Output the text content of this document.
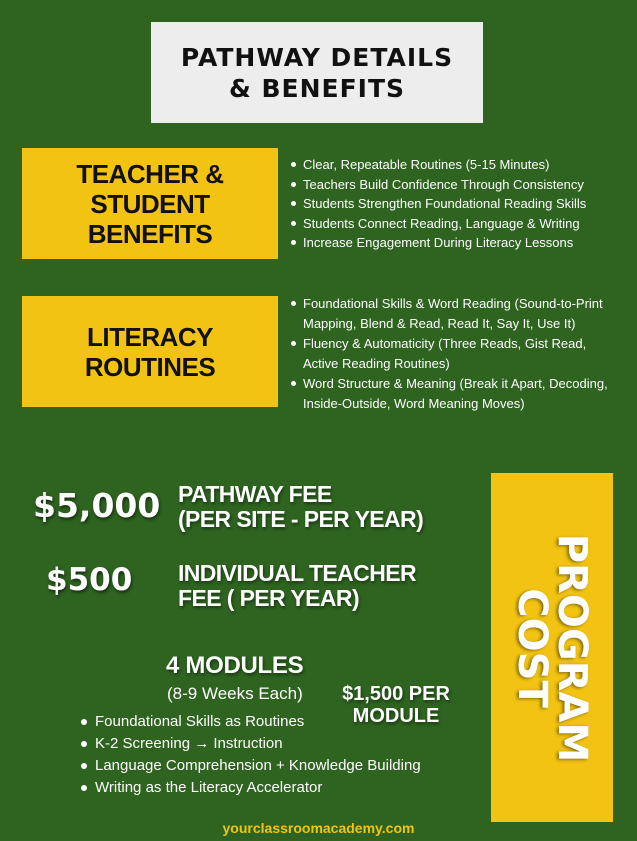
PATHWAY DETAILS
& BENEFITS
TEACHER &
STUDENT
BENEFITS
Clear, Repeatable Routines (5-15 Minutes)
Teachers Build Confidence Through Consistency
Students Strengthen Foundational Reading Skills
Students Connect Reading, Language & Writing
Increase Engagement During Literacy Lessons
LITERACY
ROUTINES
Foundational Skills & Word Reading (Sound-to-Print Mapping, Blend & Read, Read It, Say It, Use It)
Fluency & Automaticity (Three Reads, Gist Read, Active Reading Routines)
Word Structure & Meaning (Break it Apart, Decoding, Inside-Outside, Word Meaning Moves)
$5,000 PATHWAY FEE
(PER SITE - PER YEAR)
$500 INDIVIDUAL TEACHER
FEE ( PER YEAR)	PROGRAM
COST
4 MODULES
(8-9 Weeks Each)	$1,500 PER
MODULE
Foundational Skills as Routines
K-2 Screening → Instruction
Language Comprehension + Knowledge Building
Writing as the Literacy Accelerator
yourclassroomacademy.com
